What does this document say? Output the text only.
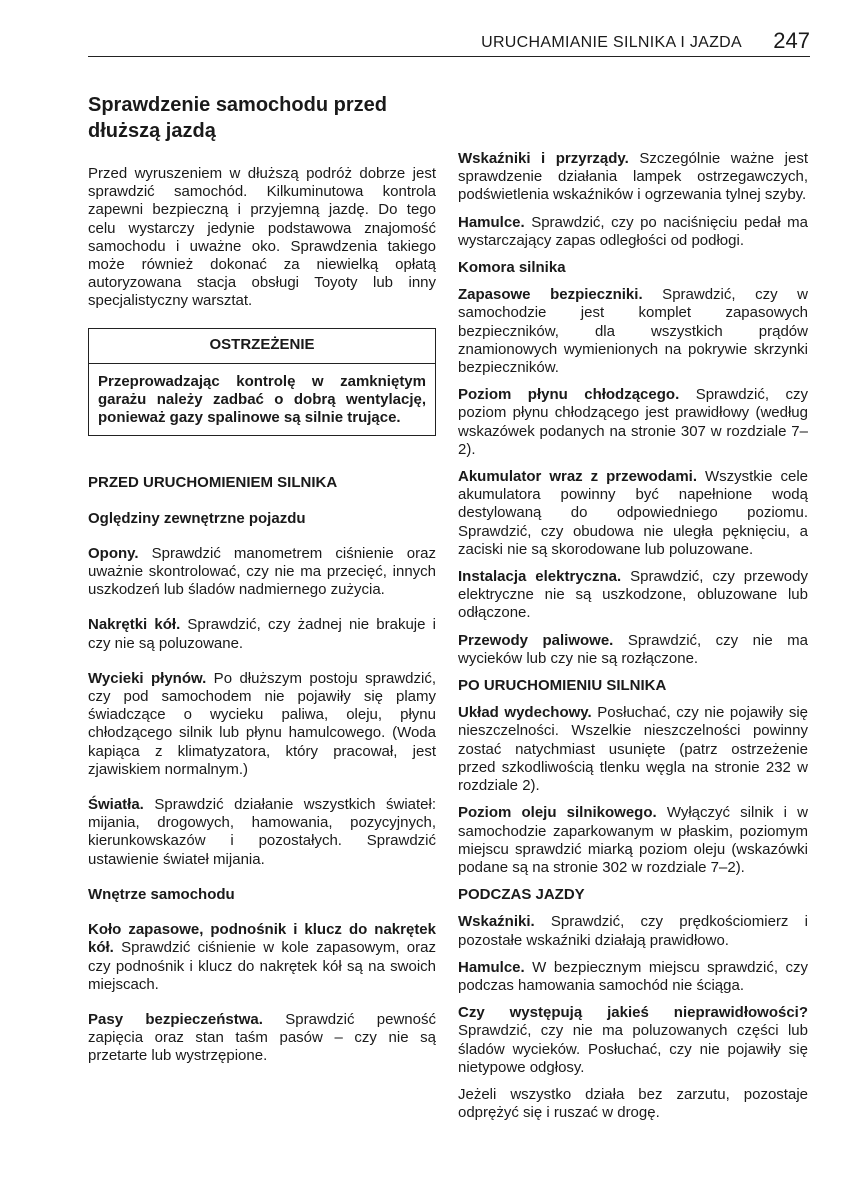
URUCHAMIANIE SILNIKA I JAZDA 247
Sprawdzenie samochodu przed dłuższą jazdą

Przed wyruszeniem w dłuższą podróż dobrze jest sprawdzić samochód. Kilkuminutowa kontrola zapewni bezpieczną i przyjemną jazdę. Do tego celu wystarczy jedynie podstawowa znajomość samochodu i uważne oko. Sprawdzenia takiego może również dokonać za niewielką opłatą autoryzowana stacja obsługi Toyoty lub inny specjalistyczny warsztat.

OSTRZEŻENIE

Przeprowadzając kontrolę w zamkniętym garażu należy zadbać o dobrą wentylację, ponieważ gazy spalinowe są silnie trujące.

PRZED URUCHOMIENIEM SILNIKA
Oględziny zewnętrzne pojazdu

Opony. Sprawdzić manometrem ciśnienie oraz uważnie skontrolować, czy nie ma przecięć, innych uszkodzeń lub śladów nadmiernego zużycia.

Nakrętki kół. Sprawdzić, czy żadnej nie brakuje i czy nie są poluzowane.

Wycieki płynów. Po dłuższym postoju sprawdzić, czy pod samochodem nie pojawiły się plamy świadczące o wycieku paliwa, oleju, płynu chłodzącego silnik lub płynu hamulcowego. (Woda kapiąca z klimatyzatora, który pracował, jest zjawiskiem normalnym.)

Światła. Sprawdzić działanie wszystkich świateł: mijania, drogowych, hamowania, pozycyjnych, kierunkowskazów i pozostałych. Sprawdzić ustawienie świateł mijania.

Wnętrze samochodu

Koło zapasowe, podnośnik i klucz do nakrętek kół. Sprawdzić ciśnienie w kole zapasowym, oraz czy podnośnik i klucz do nakrętek kół są na swoich miejscach.

Pasy bezpieczeństwa. Sprawdzić pewność zapięcia oraz stan taśm pasów – czy nie są przetarte lub wystrzępione.

Wskaźniki i przyrządy. Szczególnie ważne jest sprawdzenie działania lampek ostrzegawczych, podświetlenia wskaźników i ogrzewania tylnej szyby.

Hamulce. Sprawdzić, czy po naciśnięciu pedał ma wystarczający zapas odległości od podłogi.

Komora silnika

Zapasowe bezpieczniki. Sprawdzić, czy w samochodzie jest komplet zapasowych bezpieczników, dla wszystkich prądów znamionowych wymienionych na pokrywie skrzynki bezpieczników.

Poziom płynu chłodzącego. Sprawdzić, czy poziom płynu chłodzącego jest prawidłowy (według wskazówek podanych na stronie 307 w rozdziale 7–2).

Akumulator wraz z przewodami. Wszystkie cele akumulatora powinny być napełnione wodą destylowaną do odpowiedniego poziomu. Sprawdzić, czy obudowa nie uległa pęknięciu, a zaciski nie są skorodowane lub poluzowane.

Instalacja elektryczna. Sprawdzić, czy przewody elektryczne nie są uszkodzone, obluzowane lub odłączone.

Przewody paliwowe. Sprawdzić, czy nie ma wycieków lub czy nie są rozłączone.

PO URUCHOMIENIU SILNIKA

Układ wydechowy. Posłuchać, czy nie pojawiły się nieszczelności. Wszelkie nieszczelności powinny zostać natychmiast usunięte (patrz ostrzeżenie przed szkodliwością tlenku węgla na stronie 232 w rozdziale 2).

Poziom oleju silnikowego. Wyłączyć silnik i w samochodzie zaparkowanym w płaskim, poziomym miejscu sprawdzić miarką poziom oleju (wskazówki podane są na stronie 302 w rozdziale 7–2).

PODCZAS JAZDY

Wskaźniki. Sprawdzić, czy prędkościomierz i pozostałe wskaźniki działają prawidłowo.

Hamulce. W bezpiecznym miejscu sprawdzić, czy podczas hamowania samochód nie ściąga.

Czy występują jakieś nieprawidłowości? Sprawdzić, czy nie ma poluzowanych części lub śladów wycieków. Posłuchać, czy nie pojawiły się nietypowe odgłosy.

Jeżeli wszystko działa bez zarzutu, pozostaje odprężyć się i ruszać w drogę.
